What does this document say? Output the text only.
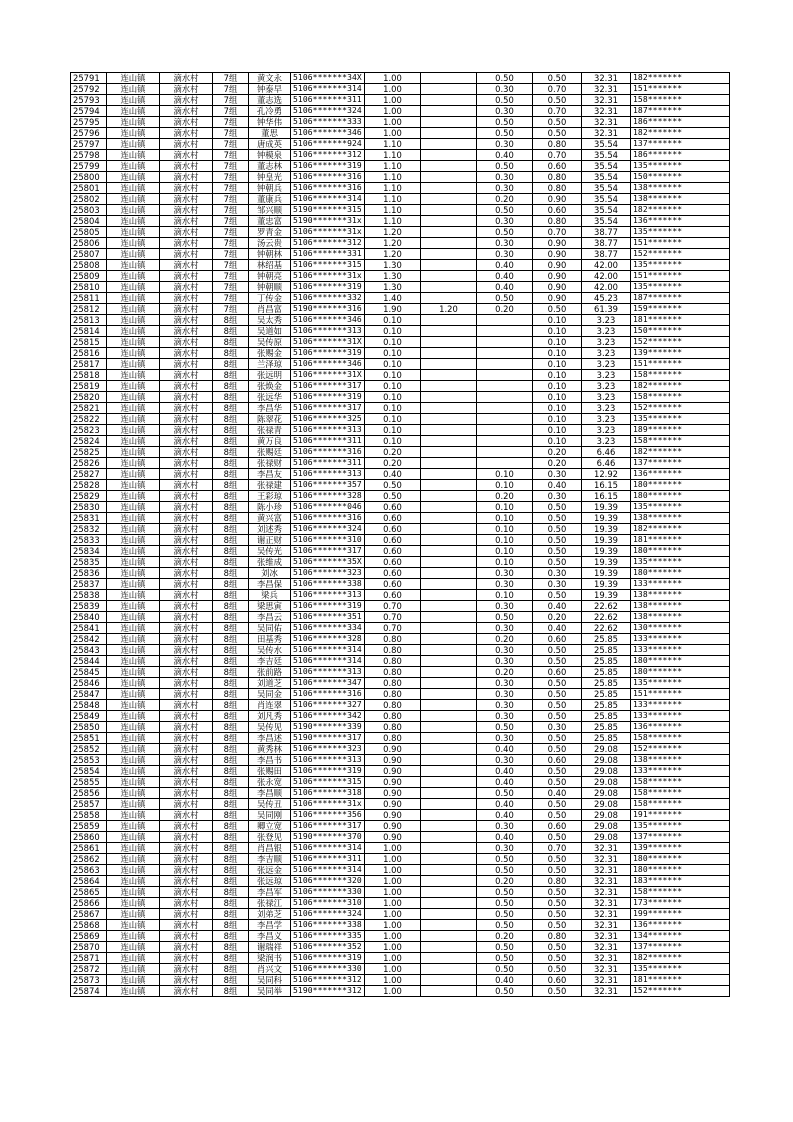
25791	连山镇	滴水村	7组	黄文永	5106*******34X	1.00		0.50	0.50	32.31	182*******
25792	连山镇	滴水村	7组	钟泰早	5106*******314	1.00		0.30	0.70	32.31	151*******
25793	连山镇	滴水村	7组	董志选	5106*******311	1.00		0.50	0.50	32.31	158*******
25794	连山镇	滴水村	7组	孔冷勇	5106*******324	1.00		0.30	0.70	32.31	187*******
25795	连山镇	滴水村	7组	钟华伟	5106*******333	1.00		0.50	0.50	32.31	186*******
25796	连山镇	滴水村	7组	董思	5106*******346	1.00		0.50	0.50	32.31	182*******
25797	连山镇	滴水村	7组	唐成英	5106*******924	1.10		0.30	0.80	35.54	137*******
25798	连山镇	滴水村	7组	钟模泉	5106*******312	1.10		0.40	0.70	35.54	186*******
25799	连山镇	滴水村	7组	董志林	5106*******319	1.10		0.50	0.60	35.54	135*******
25800	连山镇	滴水村	7组	钟皇光	5106*******316	1.10		0.30	0.80	35.54	150*******
25801	连山镇	滴水村	7组	钟朝兵	5106*******316	1.10		0.30	0.80	35.54	138*******
25802	连山镇	滴水村	7组	董康兵	5106*******314	1.10		0.20	0.90	35.54	138*******
25803	连山镇	滴水村	7组	邹兴顺	5190*******315	1.10		0.50	0.60	35.54	182*******
25804	连山镇	滴水村	7组	董忠富	5190*******31x	1.10		0.30	0.80	35.54	136*******
25805	连山镇	滴水村	7组	罗青金	5106*******31x	1.20		0.50	0.70	38.77	135*******
25806	连山镇	滴水村	7组	汤云贵	5106*******312	1.20		0.30	0.90	38.77	151*******
25807	连山镇	滴水村	7组	钟朝林	5106*******331	1.20		0.30	0.90	38.77	152*******
25808	连山镇	滴水村	7组	林绍基	5106*******315	1.30		0.40	0.90	42.00	135*******
25809	连山镇	滴水村	7组	钟朝亮	5106*******31x	1.30		0.40	0.90	42.00	151*******
25810	连山镇	滴水村	7组	钟朝顺	5106*******319	1.30		0.40	0.90	42.00	135*******
25811	连山镇	滴水村	7组	丁传金	5106*******332	1.40		0.50	0.90	45.23	187*******
25812	连山镇	滴水村	7组	肖昌富	5190*******316	1.90	1.20	0.20	0.50	61.39	159*******
25813	连山镇	滴水村	8组	吴太秀	5106*******346	0.10			0.10	3.23	181*******
25814	连山镇	滴水村	8组	吴道如	5106*******313	0.10			0.10	3.23	150*******
25815	连山镇	滴水村	8组	吴传原	5106*******31X	0.10			0.10	3.23	152*******
25816	连山镇	滴水村	8组	张赐金	5106*******319	0.10			0.10	3.23	139*******
25817	连山镇	滴水村	8组	兰泽琼	5106*******346	0.10			0.10	3.23	151*******
25818	连山镇	滴水村	8组	张远明	5106*******31X	0.10			0.10	3.23	158*******
25819	连山镇	滴水村	8组	张焕金	5106*******317	0.10			0.10	3.23	182*******
25820	连山镇	滴水村	8组	张远华	5106*******319	0.10			0.10	3.23	158*******
25821	连山镇	滴水村	8组	李昌华	5106*******317	0.10			0.10	3.23	152*******
25822	连山镇	滴水村	8组	陈翠花	5106*******325	0.10			0.10	3.23	135*******
25823	连山镇	滴水村	8组	张禄青	5106*******313	0.10			0.10	3.23	189*******
25824	连山镇	滴水村	8组	黄万良	5106*******311	0.10			0.10	3.23	158*******
25825	连山镇	滴水村	8组	张赐廷	5106*******316	0.20			0.20	6.46	182*******
25826	连山镇	滴水村	8组	张禄财	5106*******311	0.20			0.20	6.46	137*******
25827	连山镇	滴水村	8组	李昌友	5106*******313	0.40		0.10	0.30	12.92	136*******
25828	连山镇	滴水村	8组	张禄建	5106*******357	0.50		0.10	0.40	16.15	180*******
25829	连山镇	滴水村	8组	王彩琼	5106*******328	0.50		0.20	0.30	16.15	180*******
25830	连山镇	滴水村	8组	陈小珍	5106*******046	0.60		0.10	0.50	19.39	135*******
25831	连山镇	滴水村	8组	黄兴富	5106*******316	0.60		0.10	0.50	19.39	138*******
25832	连山镇	滴水村	8组	刘述秀	5106*******324	0.60		0.10	0.50	19.39	182*******
25833	连山镇	滴水村	8组	谢正财	5106*******310	0.60		0.10	0.50	19.39	181*******
25834	连山镇	滴水村	8组	吴传光	5106*******317	0.60		0.10	0.50	19.39	180*******
25835	连山镇	滴水村	8组	张维成	5106*******35X	0.60		0.10	0.50	19.39	135*******
25836	连山镇	滴水村	8组	刘冰	5106*******323	0.60		0.30	0.30	19.39	180*******
25837	连山镇	滴水村	8组	李昌保	5106*******338	0.60		0.30	0.30	19.39	133*******
25838	连山镇	滴水村	8组	梁兵	5106*******313	0.60		0.10	0.50	19.39	138*******
25839	连山镇	滴水村	8组	梁思寅	5106*******319	0.70		0.30	0.40	22.62	138*******
25840	连山镇	滴水村	8组	李昌云	5106*******351	0.70		0.50	0.20	22.62	138*******
25841	连山镇	滴水村	8组	吴同佑	5106*******334	0.70		0.30	0.40	22.62	130*******
25842	连山镇	滴水村	8组	田基秀	5106*******328	0.80		0.20	0.60	25.85	133*******
25843	连山镇	滴水村	8组	吴传水	5106*******314	0.80		0.30	0.50	25.85	133*******
25844	连山镇	滴水村	8组	李吉廷	5106*******314	0.80		0.30	0.50	25.85	180*******
25845	连山镇	滴水村	8组	张前路	5106*******313	0.80		0.20	0.60	25.85	180*******
25846	连山镇	滴水村	8组	刘道芝	5106*******347	0.80		0.30	0.50	25.85	135*******
25847	连山镇	滴水村	8组	吴同金	5106*******316	0.80		0.30	0.50	25.85	151*******
25848	连山镇	滴水村	8组	肖连翠	5106*******327	0.80		0.30	0.50	25.85	133*******
25849	连山镇	滴水村	8组	刘凡秀	5106*******342	0.80		0.30	0.50	25.85	133*******
25850	连山镇	滴水村	8组	吴传见	5190*******339	0.80		0.50	0.30	25.85	136*******
25851	连山镇	滴水村	8组	李昌述	5190*******317	0.80		0.30	0.50	25.85	158*******
25852	连山镇	滴水村	8组	黄秀林	5106*******323	0.90		0.40	0.50	29.08	152*******
25853	连山镇	滴水村	8组	李昌书	5106*******313	0.90		0.30	0.60	29.08	138*******
25854	连山镇	滴水村	8组	张赐田	5106*******319	0.90		0.40	0.50	29.08	133*******
25855	连山镇	滴水村	8组	张永宽	5106*******315	0.90		0.40	0.50	29.08	158*******
25856	连山镇	滴水村	8组	李昌顺	5106*******318	0.90		0.50	0.40	29.08	158*******
25857	连山镇	滴水村	8组	吴传丑	5106*******31x	0.90		0.40	0.50	29.08	158*******
25858	连山镇	滴水村	8组	吴同刚	5106*******356	0.90		0.40	0.50	29.08	191*******
25859	连山镇	滴水村	8组	卿立宽	5106*******317	0.90		0.30	0.60	29.08	135*******
25860	连山镇	滴水村	8组	张登见	5190*******370	0.90		0.40	0.50	29.08	137*******
25861	连山镇	滴水村	8组	肖昌银	5106*******314	1.00		0.30	0.70	32.31	139*******
25862	连山镇	滴水村	8组	李吉顺	5106*******311	1.00		0.50	0.50	32.31	180*******
25863	连山镇	滴水村	8组	张远金	5106*******314	1.00		0.50	0.50	32.31	180*******
25864	连山镇	滴水村	8组	张远琼	5106*******320	1.00		0.20	0.80	32.31	183*******
25865	连山镇	滴水村	8组	李昌军	5106*******330	1.00		0.50	0.50	32.31	158*******
25866	连山镇	滴水村	8组	张禄江	5106*******310	1.00		0.50	0.50	32.31	173*******
25867	连山镇	滴水村	8组	刘弟芝	5106*******324	1.00		0.50	0.50	32.31	199*******
25868	连山镇	滴水村	8组	李昌学	5106*******338	1.00		0.50	0.50	32.31	136*******
25869	连山镇	滴水村	8组	李昌义	5106*******335	1.00		0.20	0.80	32.31	134*******
25870	连山镇	滴水村	8组	谢瑞祥	5106*******352	1.00		0.50	0.50	32.31	137*******
25871	连山镇	滴水村	8组	梁润书	5106*******319	1.00		0.50	0.50	32.31	182*******
25872	连山镇	滴水村	8组	肖兴文	5106*******330	1.00		0.50	0.50	32.31	135*******
25873	连山镇	滴水村	8组	吴同科	5106*******312	1.00		0.40	0.60	32.31	181*******
25874	连山镇	滴水村	8组	吴同举	5190*******312	1.00		0.50	0.50	32.31	152*******
